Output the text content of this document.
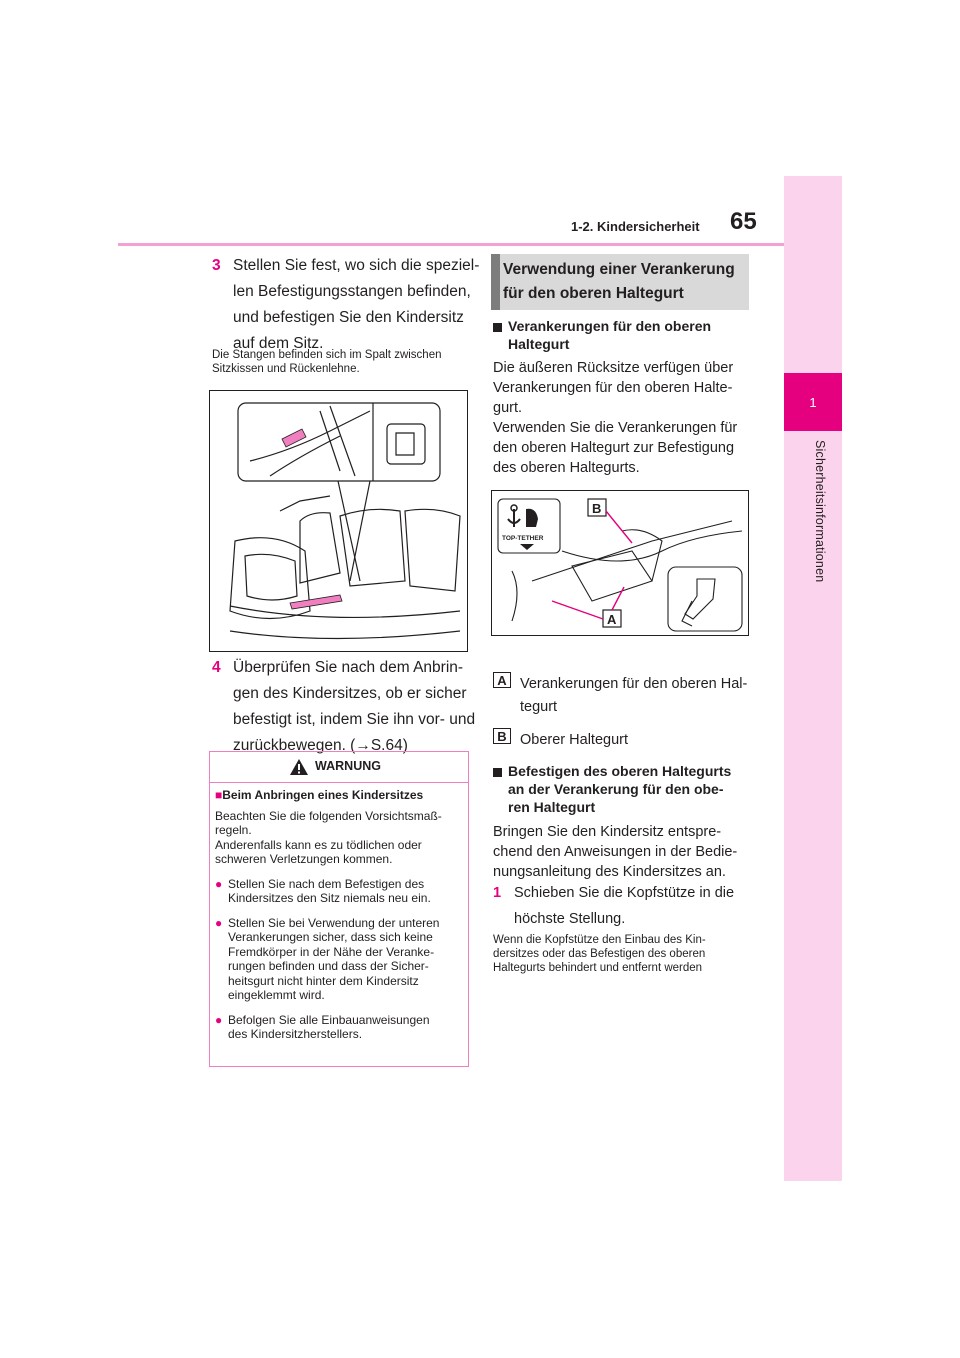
1
Sicherheitsinformationen
1-2. Kindersicherheit	65
3 Stellen Sie fest, wo sich die speziel-
len Befestigungsstangen befinden,
und befestigen Sie den Kindersitz
auf dem Sitz.
Die Stangen befinden sich im Spalt zwischen
Sitzkissen und Rückenlehne.
4 Überprüfen Sie nach dem Anbrin-
gen des Kindersitzes, ob er sicher
befestigt ist, indem Sie ihn vor- und
zurückbewegen. (→S.64)
WARNUNG
■Beim Anbringen eines Kindersitzes
Beachten Sie die folgenden Vorsichtsmaß-
regeln.
Anderenfalls kann es zu tödlichen oder
schweren Verletzungen kommen.
● Stellen Sie nach dem Befestigen des
Kindersitzes den Sitz niemals neu ein.
● Stellen Sie bei Verwendung der unteren
Verankerungen sicher, dass sich keine
Fremdkörper in der Nähe der Veranke-
rungen befinden und dass der Sicher-
heitsgurt nicht hinter dem Kindersitz
eingeklemmt wird.
● Befolgen Sie alle Einbauanweisungen
des Kindersitzherstellers.
Verwendung einer Verankerung
für den oberen Haltegurt
Verankerungen für den oberen
Haltegurt
Die äußeren Rücksitze verfügen über
Verankerungen für den oberen Halte-
gurt.
Verwenden Sie die Verankerungen für
den oberen Haltegurt zur Befestigung
des oberen Haltegurts.
TOP-TETHER
B
A
A Verankerungen für den oberen Hal-
tegurt
B Oberer Haltegurt
Befestigen des oberen Haltegurts
an der Verankerung für den obe-
ren Haltegurt
Bringen Sie den Kindersitz entspre-
chend den Anweisungen in der Bedie-
nungsanleitung des Kindersitzes an.
1 Schieben Sie die Kopfstütze in die
höchste Stellung.
Wenn die Kopfstütze den Einbau des Kin-
dersitzes oder das Befestigen des oberen
Haltegurts behindert und entfernt werden
